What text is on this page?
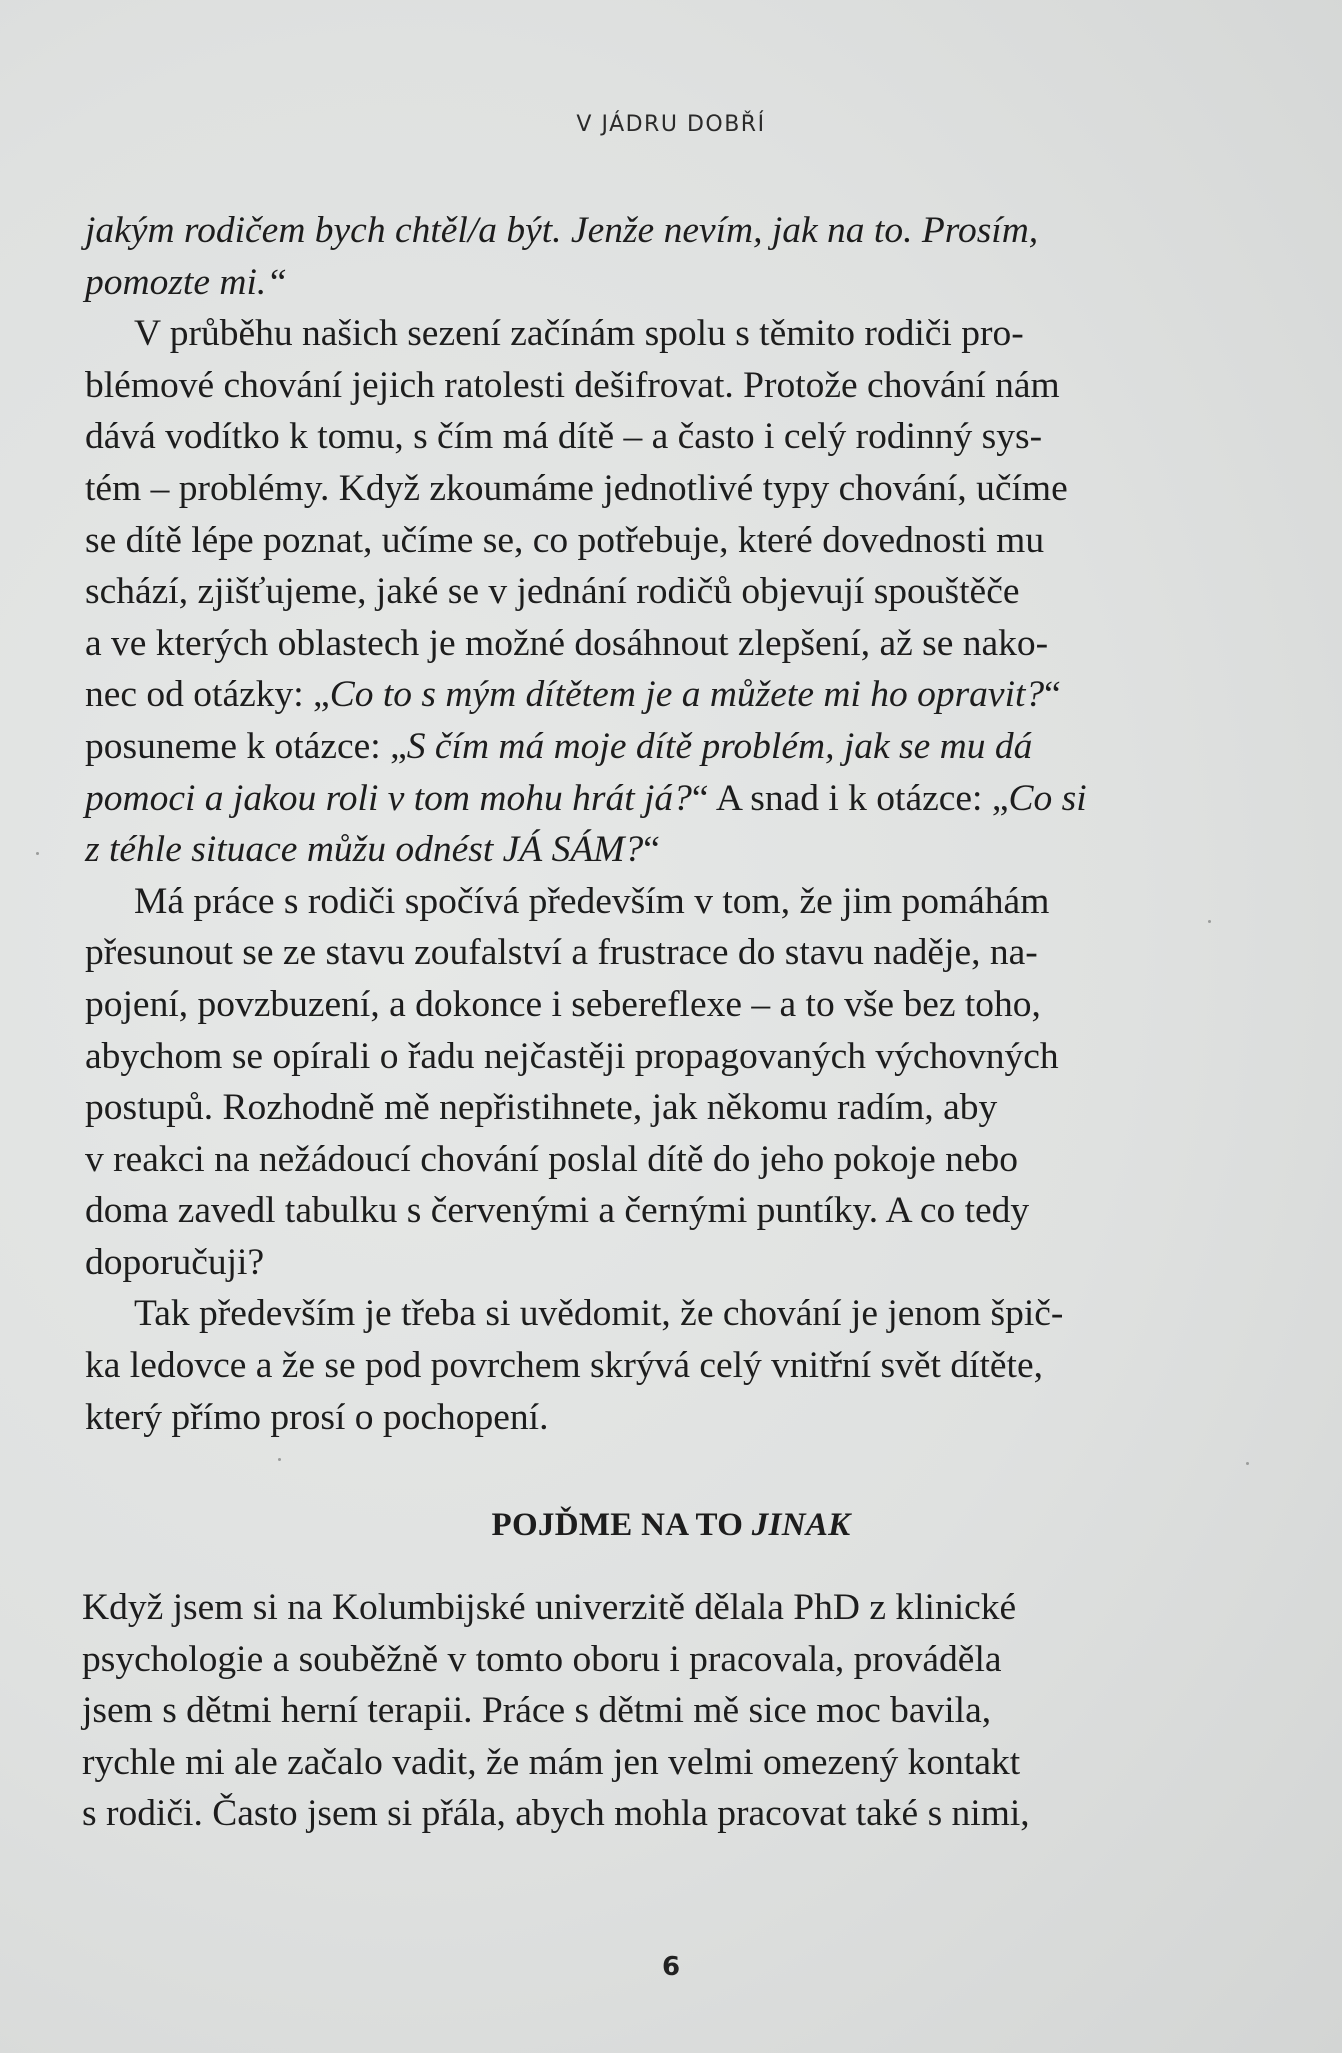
V JÁDRU DOBŘÍ

jakým rodičem bych chtěl/a být. Jenže nevím, jak na to. Prosím,
pomozte mi.“

V průběhu našich sezení začínám spolu s těmito rodiči pro-
blémové chování jejich ratolesti dešifrovat. Protože chování nám
dává vodítko k tomu, s čím má dítě – a často i celý rodinný sys-
tém – problémy. Když zkoumáme jednotlivé typy chování, učíme
se dítě lépe poznat, učíme se, co potřebuje, které dovednosti mu
schází, zjišťujeme, jaké se v jednání rodičů objevují spouštěče
a ve kterých oblastech je možné dosáhnout zlepšení, až se nako-
nec od otázky: „Co to s mým dítětem je a můžete mi ho opravit?“
posuneme k otázce: „S čím má moje dítě problém, jak se mu dá
pomoci a jakou roli v tom mohu hrát já?“ A snad i k otázce: „Co si
z téhle situace můžu odnést JÁ SÁM?“

Má práce s rodiči spočívá především v tom, že jim pomáhám
přesunout se ze stavu zoufalství a frustrace do stavu naděje, na-
pojení, povzbuzení, a dokonce i sebereflexe – a to vše bez toho,
abychom se opírali o řadu nejčastěji propagovaných výchovných
postupů. Rozhodně mě nepřistihnete, jak někomu radím, aby
v reakci na nežádoucí chování poslal dítě do jeho pokoje nebo
doma zavedl tabulku s červenými a černými puntíky. A co tedy
doporučuji?

Tak především je třeba si uvědomit, že chování je jenom špič-
ka ledovce a že se pod povrchem skrývá celý vnitřní svět dítěte,
který přímo prosí o pochopení.

POJĎME NA TO JINAK

Když jsem si na Kolumbijské univerzitě dělala PhD z klinické
psychologie a souběžně v tomto oboru i pracovala, prováděla
jsem s dětmi herní terapii. Práce s dětmi mě sice moc bavila,
rychle mi ale začalo vadit, že mám jen velmi omezený kontakt
s rodiči. Často jsem si přála, abych mohla pracovat také s nimi,

6
